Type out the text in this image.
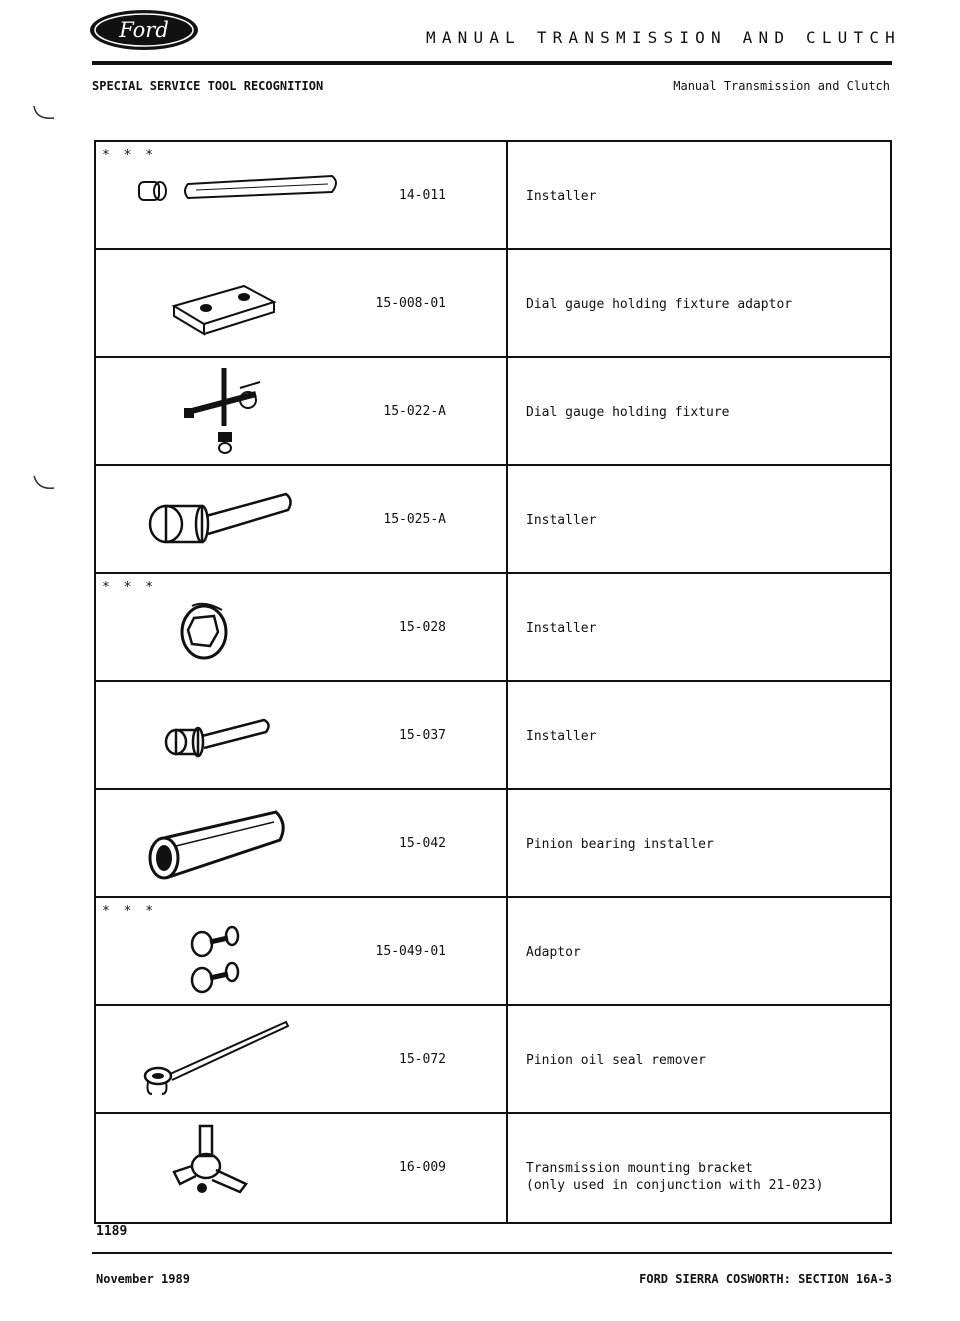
Ford	MANUAL TRANSMISSION AND CLUTCH
SPECIAL SERVICE TOOL RECOGNITION	Manual Transmission and Clutch
* * *
14-011	Installer
15-008-01	Dial gauge holding fixture adaptor
15-022-A	Dial gauge holding fixture
15-025-A	Installer
* * *
15-028	Installer
15-037	Installer
15-042	Pinion bearing installer
* * *
15-049-01	Adaptor
15-072	Pinion oil seal remover
16-009	Transmission mounting bracket
(only used in conjunction with 21-023)
1189
November 1989	FORD SIERRA COSWORTH: SECTION 16A-3
